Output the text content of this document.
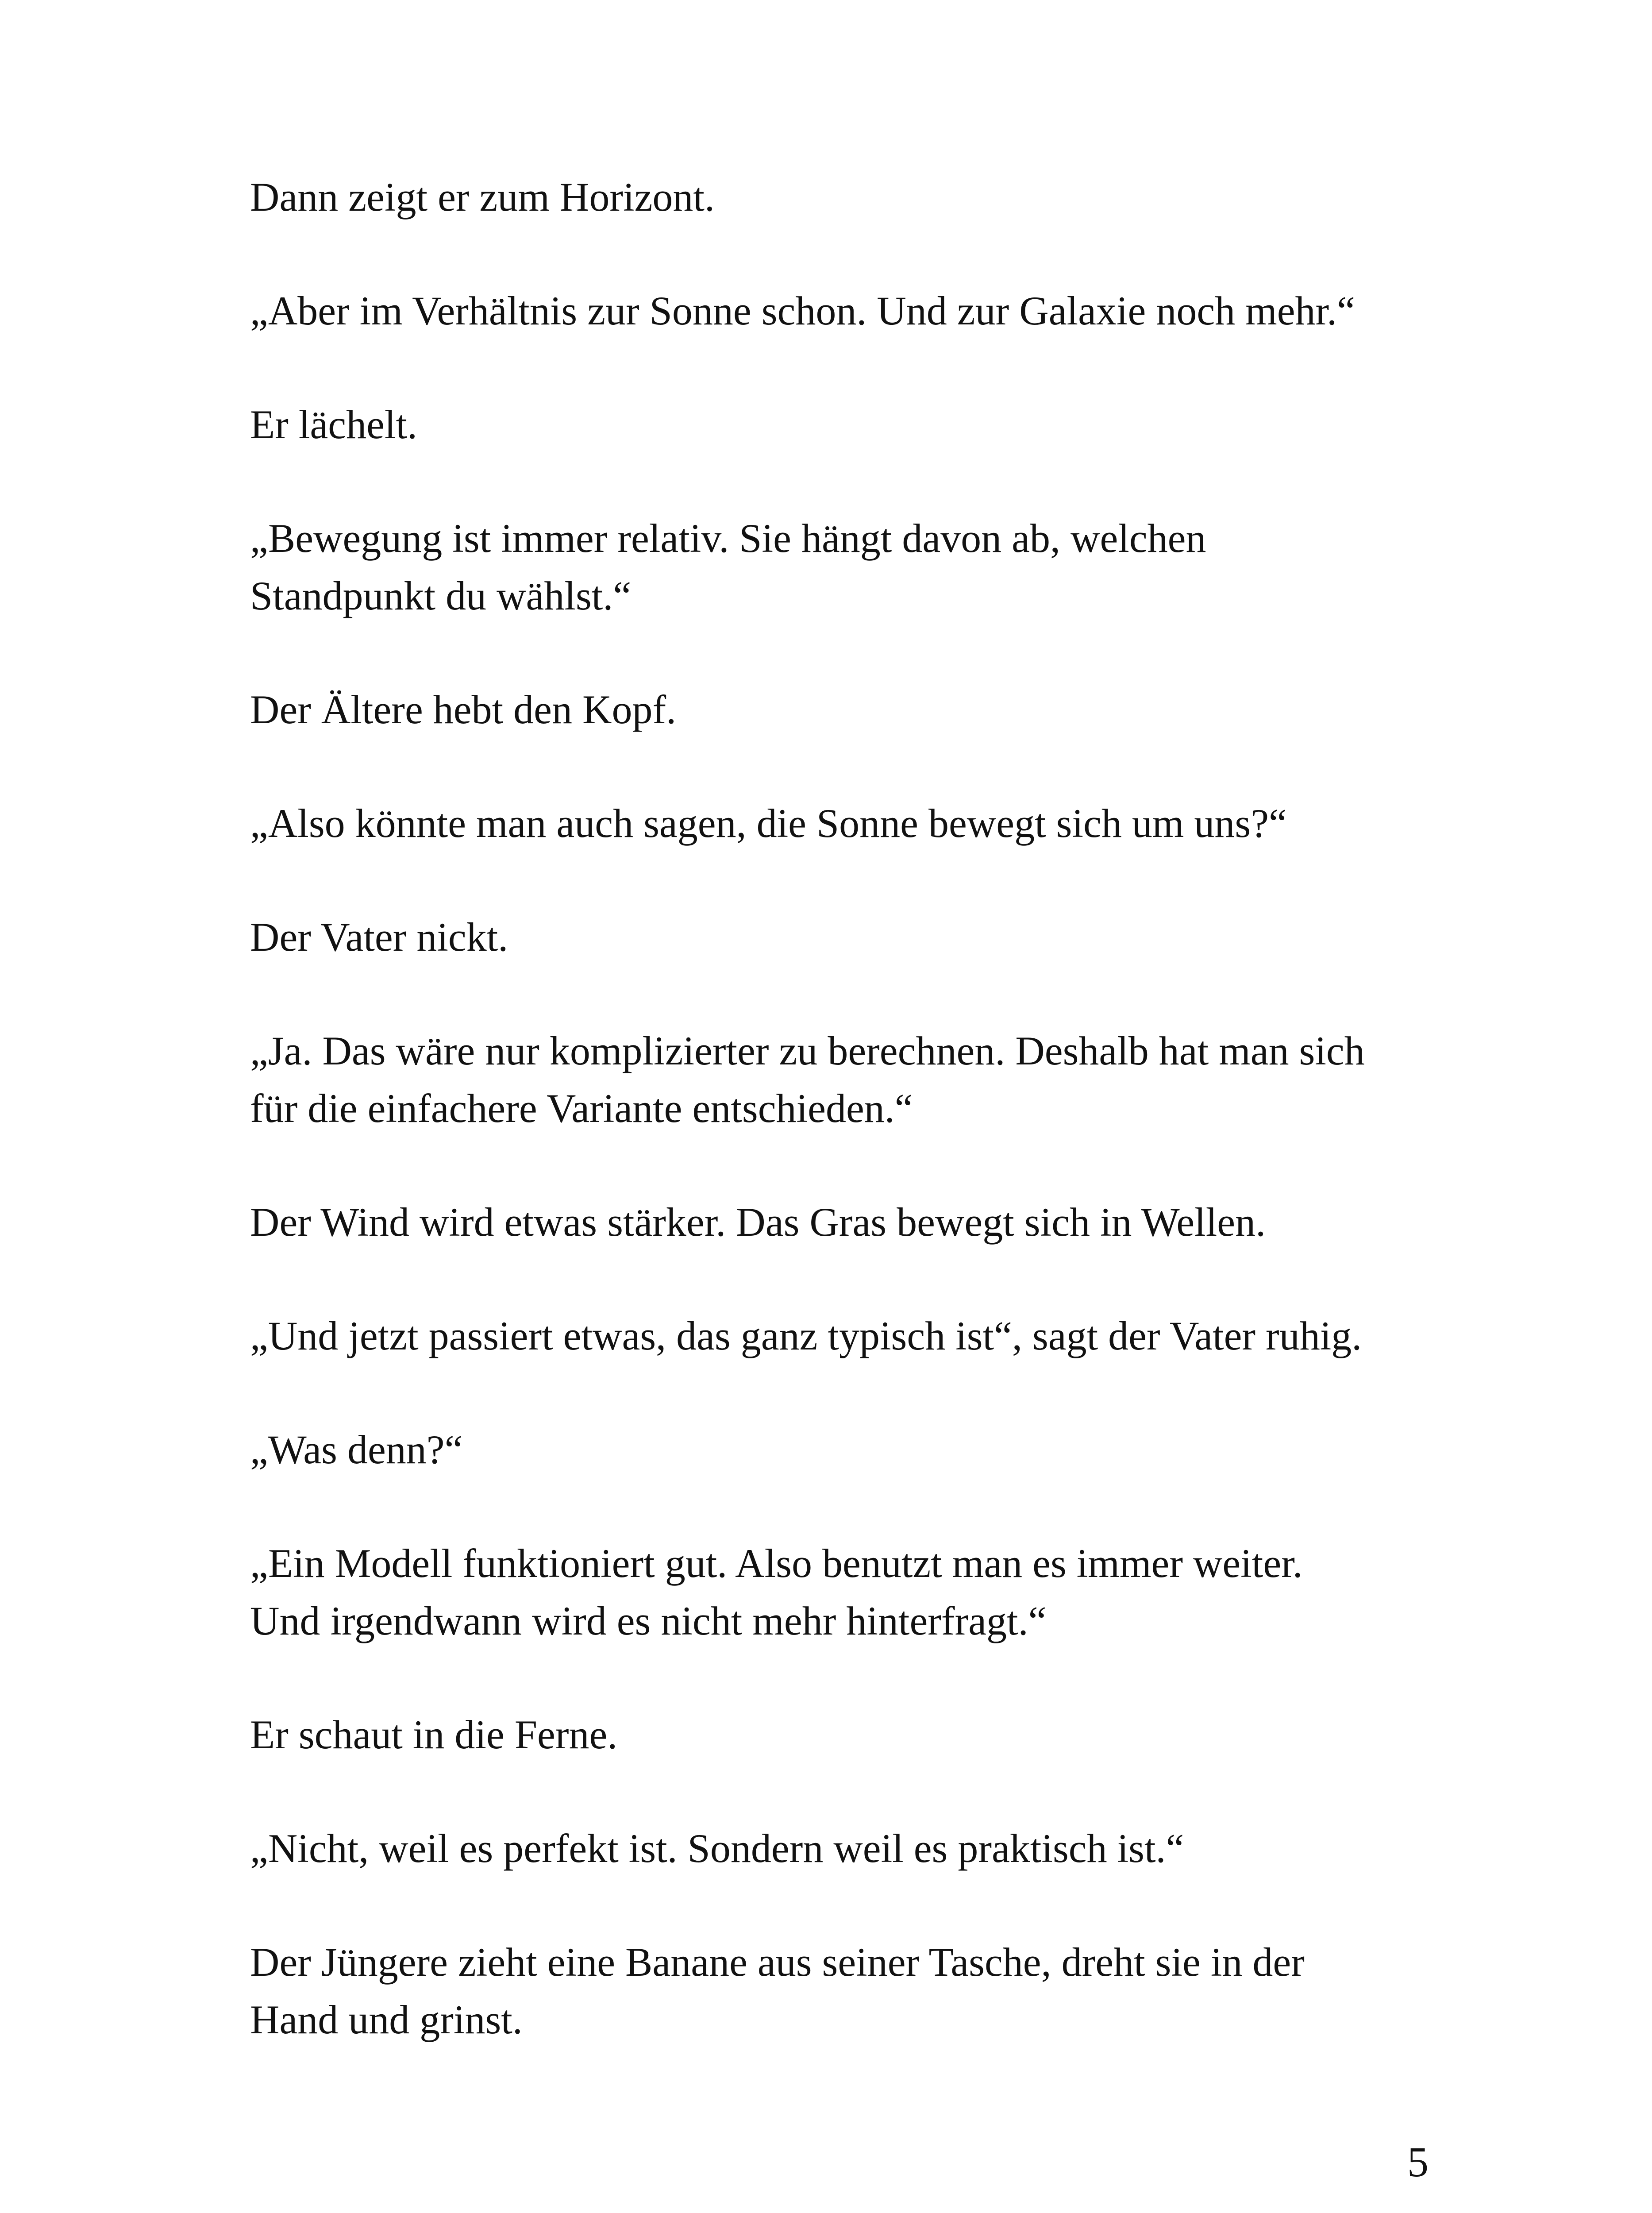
Dann zeigt er zum Horizont.

„Aber im Verhältnis zur Sonne schon. Und zur Galaxie noch mehr.“

Er lächelt.

„Bewegung ist immer relativ. Sie hängt davon ab, welchen
Standpunkt du wählst.“

Der Ältere hebt den Kopf.

„Also könnte man auch sagen, die Sonne bewegt sich um uns?“

Der Vater nickt.

„Ja. Das wäre nur komplizierter zu berechnen. Deshalb hat man sich
für die einfachere Variante entschieden.“

Der Wind wird etwas stärker. Das Gras bewegt sich in Wellen.

„Und jetzt passiert etwas, das ganz typisch ist“, sagt der Vater ruhig.

„Was denn?“

„Ein Modell funktioniert gut. Also benutzt man es immer weiter.
Und irgendwann wird es nicht mehr hinterfragt.“

Er schaut in die Ferne.

„Nicht, weil es perfekt ist. Sondern weil es praktisch ist.“

Der Jüngere zieht eine Banane aus seiner Tasche, dreht sie in der
Hand und grinst.

5
